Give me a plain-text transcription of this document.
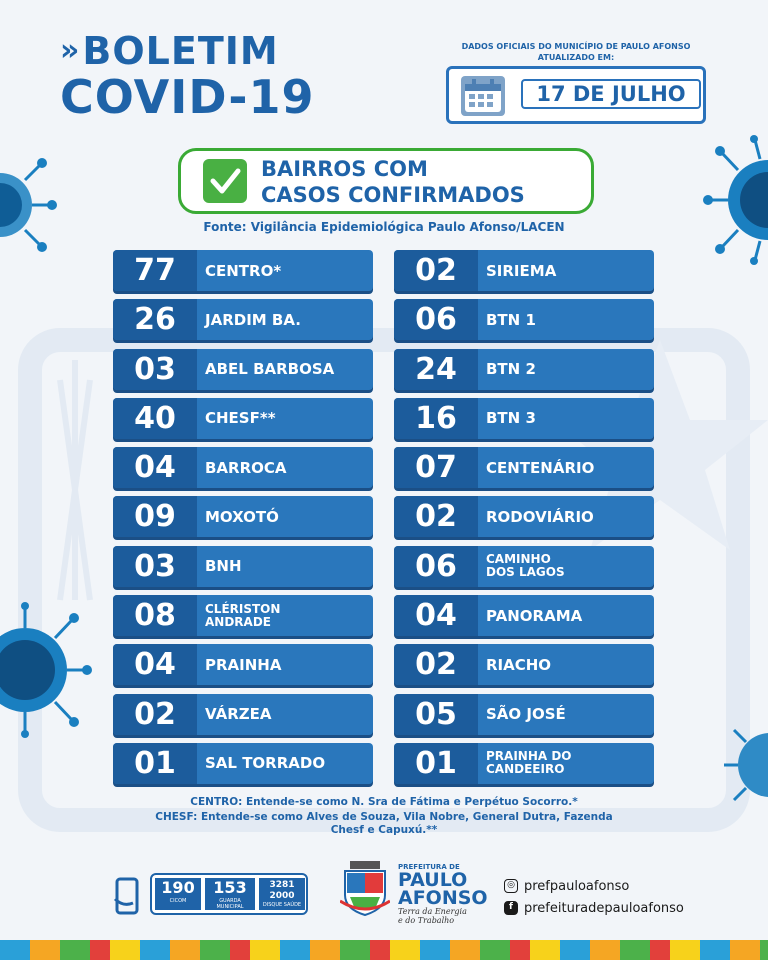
»BOLETIM
COVID-19
DADOS OFICIAIS DO MUNICÍPIO DE PAULO AFONSO ATUALIZADO EM:
17 DE JULHO
BAIRROS COM
CASOS CONFIRMADOS
Fonte: Vigilância Epidemiológica Paulo Afonso/LACEN
77	CENTRO*
26	JARDIM BA.
03	ABEL BARBOSA
40	CHESF**
04	BARROCA
09	MOXOTÓ
03	BNH
08	CLÉRISTON
ANDRADE
04	PRAINHA
02	VÁRZEA
01	SAL TORRADO
02	SIRIEMA
06	BTN 1
24	BTN 2
16	BTN 3
07	CENTENÁRIO
02	RODOVIÁRIO
06	CAMINHO
DOS LAGOS
04	PANORAMA
02	RIACHO
05	SÃO JOSÉ
01	PRAINHA DO
CANDEEIRO

CENTRO: Entende-se como N. Sra de Fátima e Perpétuo Socorro.*

CHESF: Entende-se como Alves de Souza, Vila Nobre, General Dutra, Fazenda Chesf e Capuxú.**

190
CICOM
153
GUARDA MUNICIPAL
3281 2000
DISQUE SAÚDE
PREFEITURA DE
PAULO
AFONSO
Terra da Energia
e do Trabalho
◎ prefpauloafonso
f prefeituradepauloafonso
